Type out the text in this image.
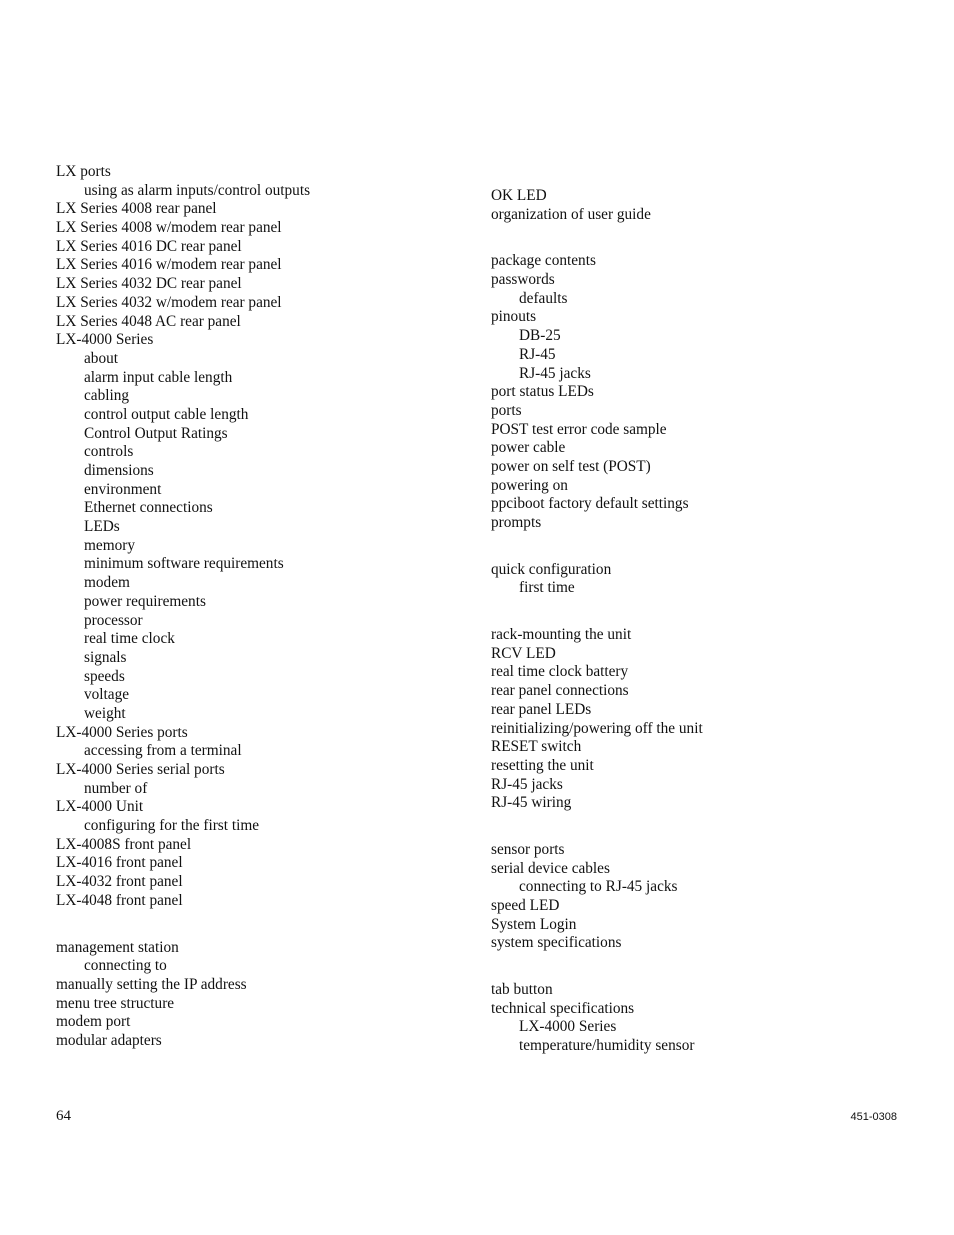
LX ports
using as alarm inputs/control outputs
LX Series 4008 rear panel
LX Series 4008 w/modem rear panel
LX Series 4016 DC rear panel
LX Series 4016 w/modem rear panel
LX Series 4032 DC rear panel
LX Series 4032 w/modem rear panel
LX Series 4048 AC rear panel
LX-4000 Series
about
alarm input cable length
cabling
control output cable length
Control Output Ratings
controls
dimensions
environment
Ethernet connections
LEDs
memory
minimum software requirements
modem
power requirements
processor
real time clock
signals
speeds
voltage
weight
LX-4000 Series ports
accessing from a terminal
LX-4000 Series serial ports
number of
LX-4000 Unit
configuring for the first time
LX-4008S front panel
LX-4016 front panel
LX-4032 front panel
LX-4048 front panel
management station
connecting to
manually setting the IP address
menu tree structure
modem port
modular adapters
OK LED
organization of user guide
package contents
passwords
defaults
pinouts
DB-25
RJ-45
RJ-45 jacks
port status LEDs
ports
POST test error code sample
power cable
power on self test (POST)
powering on
ppciboot factory default settings
prompts
quick configuration
first time
rack-mounting the unit
RCV LED
real time clock battery
rear panel connections
rear panel LEDs
reinitializing/powering off the unit
RESET switch
resetting the unit
RJ-45 jacks
RJ-45 wiring
sensor ports
serial device cables
connecting to RJ-45 jacks
speed LED
System Login
system specifications
tab button
technical specifications
LX-4000 Series
temperature/humidity sensor
64	451-0308
